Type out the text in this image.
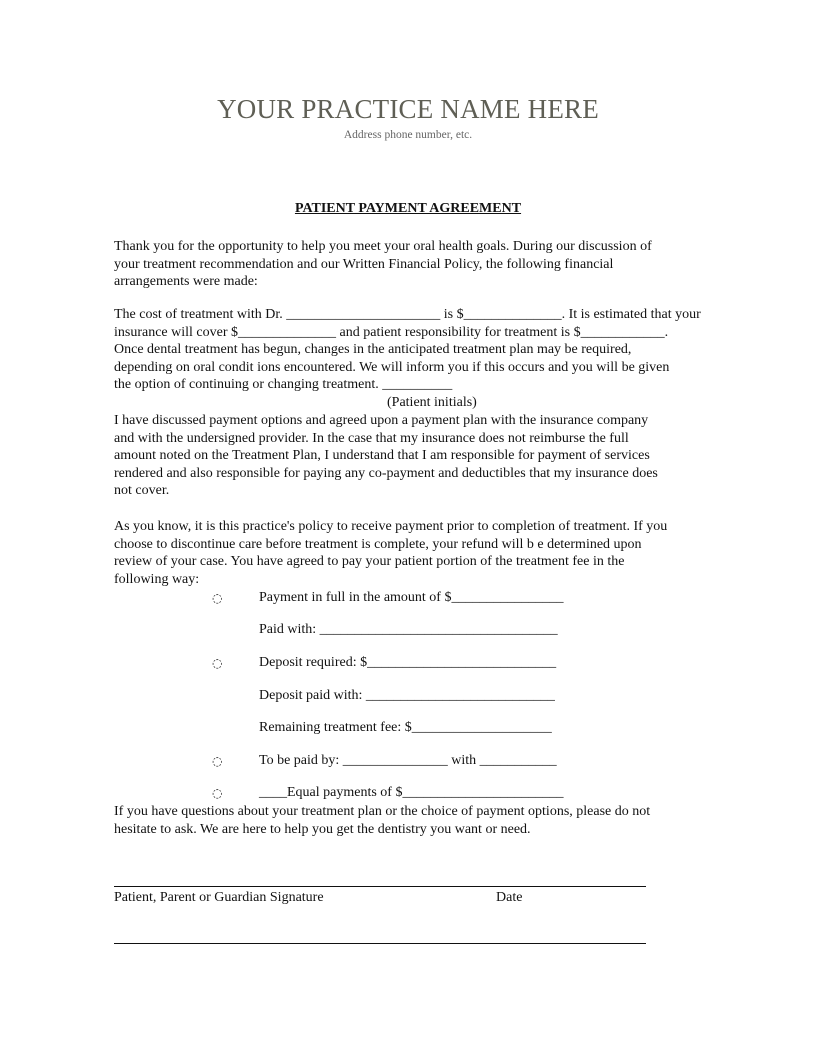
YOUR PRACTICE NAME HERE
Address phone number, etc.
PATIENT PAYMENT AGREEMENT
Thank you for the opportunity to help you meet your oral health goals. During our discussion of
your treatment recommendation and our Written Financial Policy, the following financial
arrangements were made:
The cost of treatment with Dr. ______________________ is $______________. It is estimated that your
insurance will cover $______________ and patient responsibility for treatment is $____________.
Once dental treatment has begun, changes in the anticipated treatment plan may be required,
depending on oral condit ions encountered. We will inform you if this occurs and you will be given
the option of continuing or changing treatment. __________
(Patient initials)
I have discussed payment options and agreed upon a payment plan with the insurance company
and with the undersigned provider. In the case that my insurance does not reimburse the full
amount noted on the Treatment Plan, I understand that I am responsible for payment of services
rendered and also responsible for paying any co-payment and deductibles that my insurance does
not cover.
As you know, it is this practice's policy to receive payment prior to completion of treatment. If you
choose to discontinue care before treatment is complete, your refund will b e determined upon
review of your case. You have agreed to pay your patient portion of the treatment fee in the
following way:
◌	Payment in full in the amount of $________________
Paid with: __________________________________
◌	Deposit required: $___________________________
Deposit paid with: ___________________________
Remaining treatment fee: $____________________
◌	To be paid by: _______________ with ___________
◌	____Equal payments of $_______________________
If you have questions about your treatment plan or the choice of payment options, please do not
hesitate to ask. We are here to help you get the dentistry you want or need.
Patient, Parent or Guardian Signature	Date
